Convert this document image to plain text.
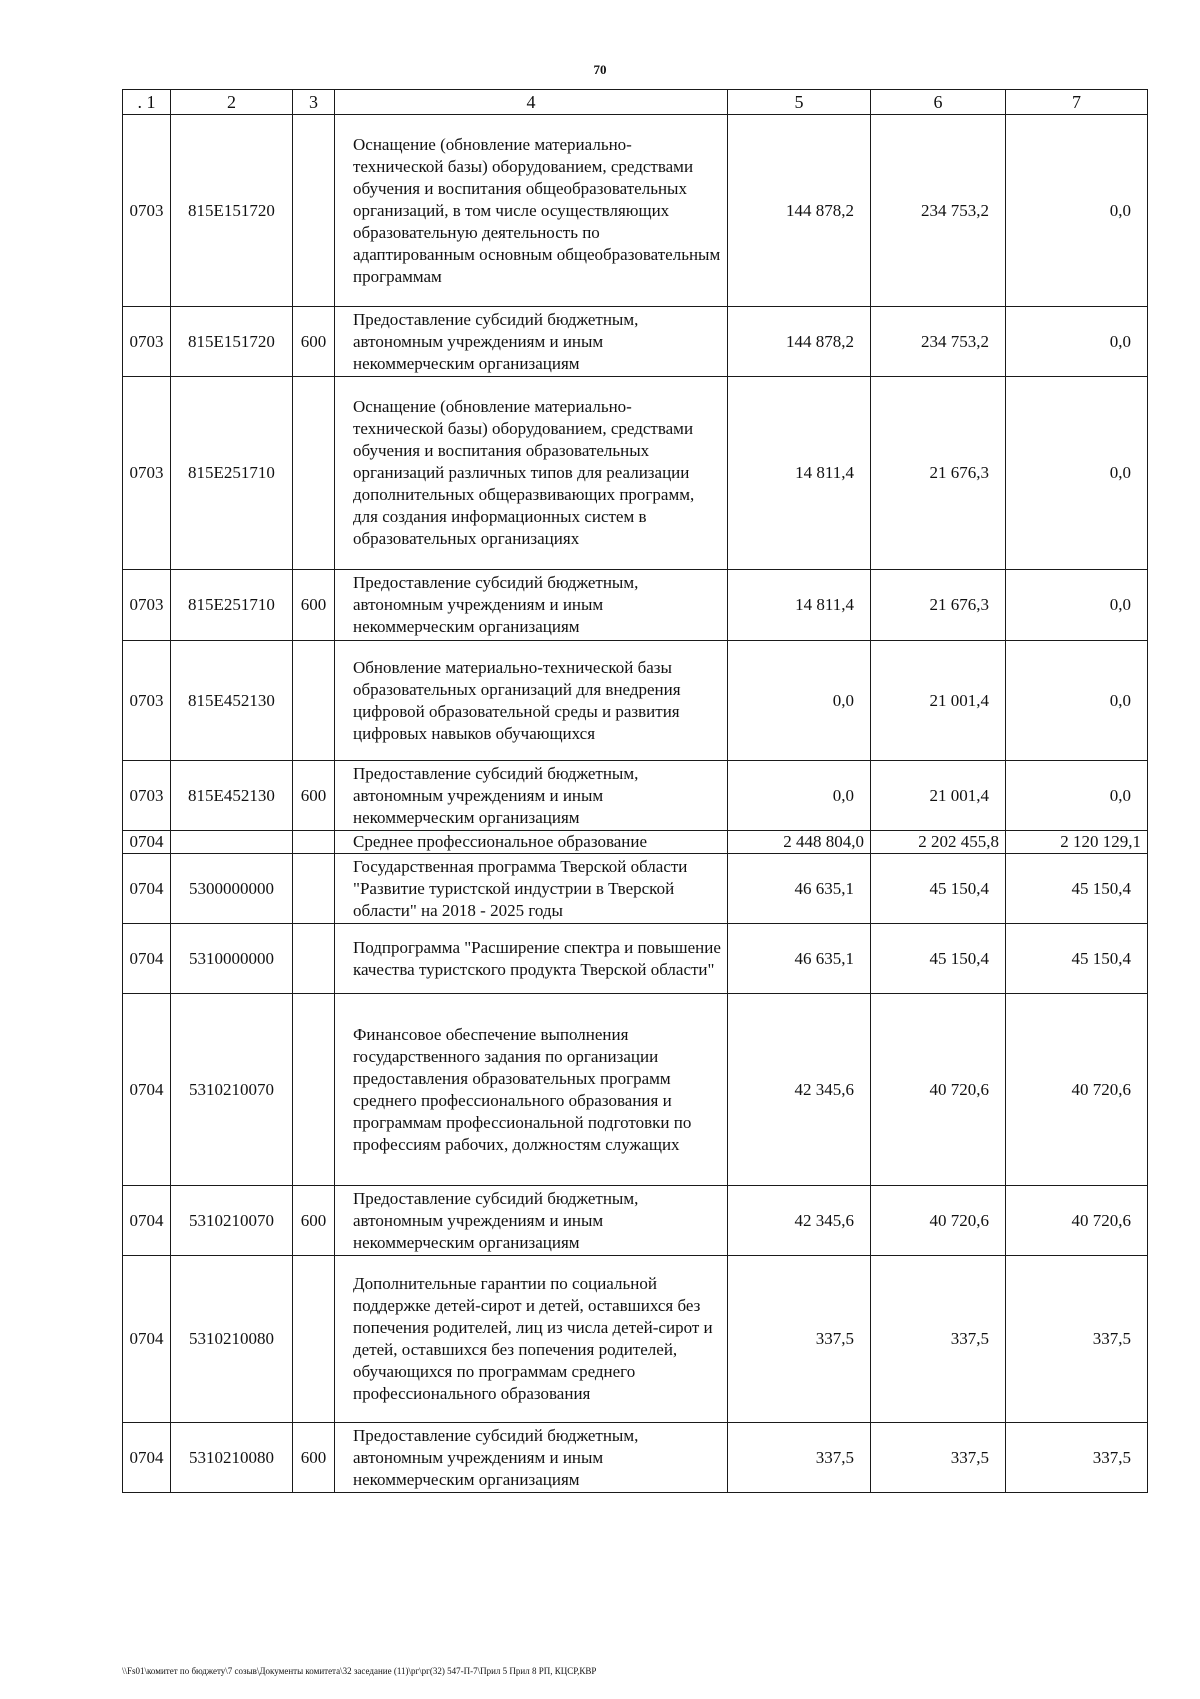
70
. 1	2	3	4	5	6	7
0703	815E151720		Оснащение (обновление материально-технической базы) оборудованием, средствами обучения и воспитания общеобразовательных организаций, в том числе осуществляющих образовательную деятельность по адаптированным основным общеобразовательным программам	144 878,2	234 753,2	0,0
0703	815E151720	600	Предоставление субсидий бюджетным, автономным учреждениям и иным некоммерческим организациям	144 878,2	234 753,2	0,0
0703	815E251710		Оснащение (обновление материально-технической базы) оборудованием, средствами обучения и воспитания образовательных организаций различных типов для реализации дополнительных общеразвивающих программ, для создания информационных систем в образовательных организациях	14 811,4	21 676,3	0,0
0703	815E251710	600	Предоставление субсидий бюджетным, автономным учреждениям и иным некоммерческим организациям	14 811,4	21 676,3	0,0
0703	815E452130		Обновление материально-технической базы образовательных организаций для внедрения цифровой образовательной среды и развития цифровых навыков обучающихся	0,0	21 001,4	0,0
0703	815E452130	600	Предоставление субсидий бюджетным, автономным учреждениям и иным некоммерческим организациям	0,0	21 001,4	0,0
0704			Среднее профессиональное образование	2 448 804,0	2 202 455,8	2 120 129,1
0704	5300000000		Государственная программа Тверской области "Развитие туристской индустрии в Тверской области" на 2018 - 2025 годы	46 635,1	45 150,4	45 150,4
0704	5310000000		Подпрограмма "Расширение спектра и повышение качества туристского продукта Тверской области"	46 635,1	45 150,4	45 150,4
0704	5310210070		Финансовое обеспечение выполнения государственного задания по организации предоставления образовательных программ среднего профессионального образования и программам профессиональной подготовки по профессиям рабочих, должностям служащих	42 345,6	40 720,6	40 720,6
0704	5310210070	600	Предоставление субсидий бюджетным, автономным учреждениям и иным некоммерческим организациям	42 345,6	40 720,6	40 720,6
0704	5310210080		Дополнительные гарантии по социальной поддержке детей-сирот и детей, оставшихся без попечения родителей, лиц из числа детей-сирот и детей, оставшихся без попечения родителей, обучающихся по программам среднего профессионального образования	337,5	337,5	337,5
0704	5310210080	600	Предоставление субсидий бюджетным, автономным учреждениям и иным некоммерческим организациям	337,5	337,5	337,5
\\Fs01\комитет по бюджету\7 созыв\Документы комитета\32 заседание (11)\рг\рг(32) 547-П-7\Прил 5 Прил 8 РП, КЦСР,КВР
